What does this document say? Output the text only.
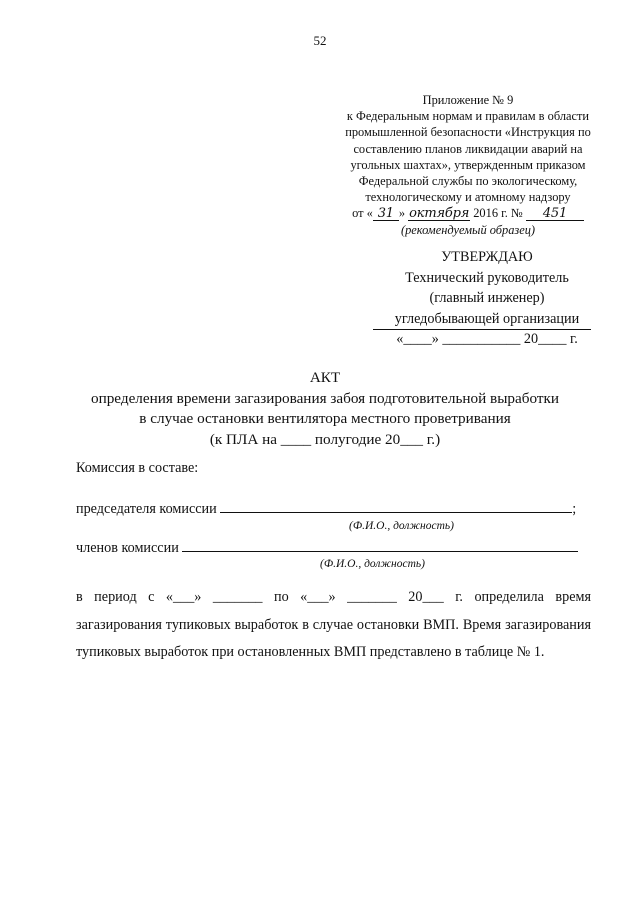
52
Приложение № 9
к Федеральным нормам и правилам в области
промышленной безопасности «Инструкция по
составлению планов ликвидации аварий на
угольных шахтах», утвержденным приказом
Федеральной службы по экологическому,
технологическому и атомному надзору
от « 31 » октября 2016 г. № 451
(рекомендуемый образец)
УТВЕРЖДАЮ
Технический руководитель
(главный инженер)
угледобывающей организации
«____» ___________ 20____ г.
АКТ
определения времени загазирования забоя подготовительной выработки
в случае остановки вентилятора местного проветривания
(к ПЛА на ____ полугодие 20___ г.)
Комиссия в составе:
председателя комиссии	;
(Ф.И.О., должность)
членов комиссии
(Ф.И.О., должность)
в период с «___» _______ по «___» _______ 20___ г. определила время загазирования тупиковых выработок в случае остановки ВМП. Время загазирования тупиковых выработок при остановленных ВМП представлено в таблице № 1.
